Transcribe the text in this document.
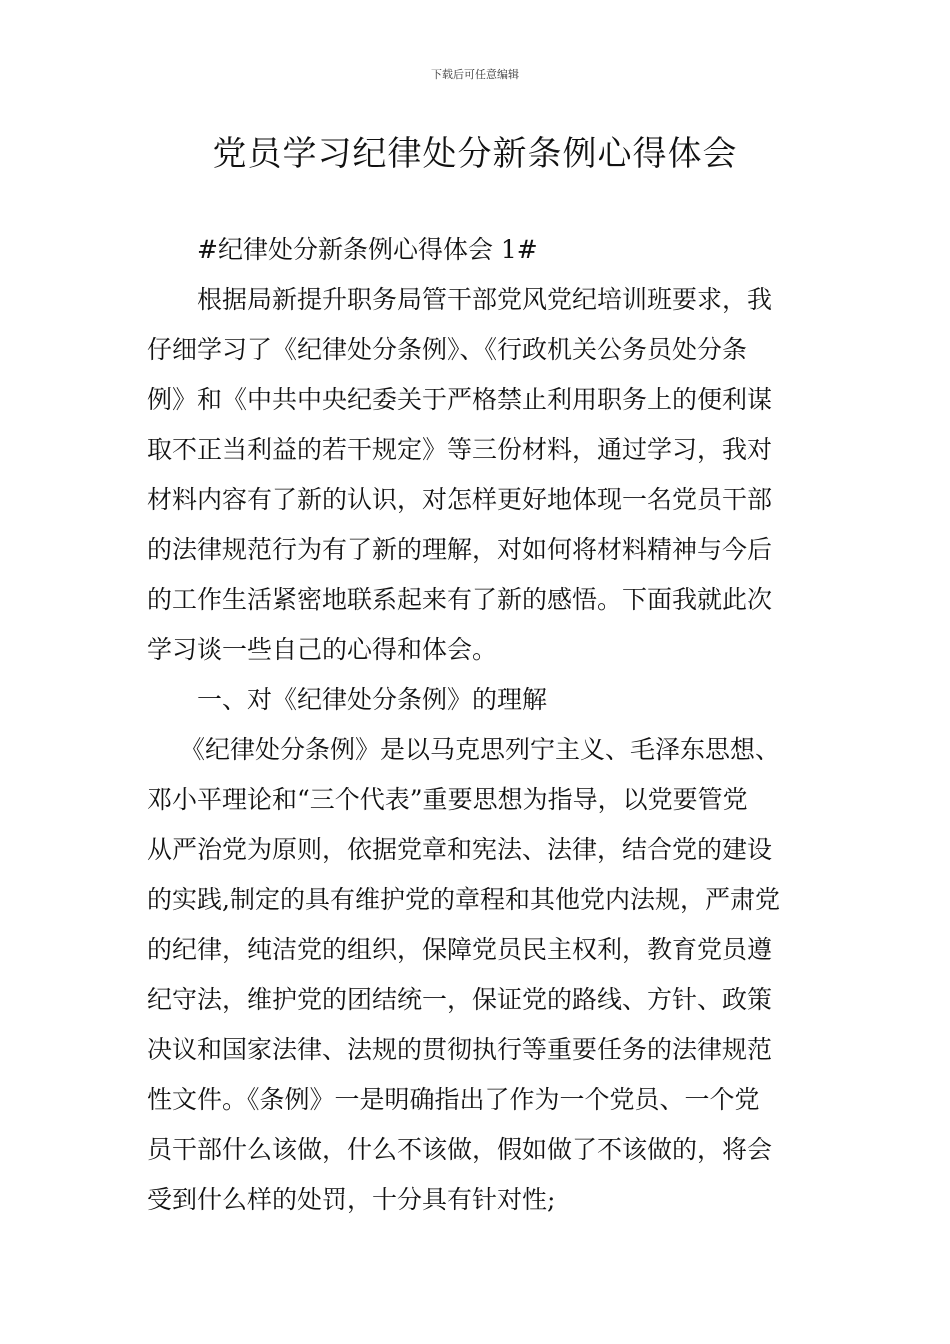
下载后可任意编辑
党员学习纪律处分新条例心得体会
#纪律处分新条例心得体会 1#
根据局新提升职务局管干部党风党纪培训班要求，我
仔细学习了《纪律处分条例》、《行政机关公务员处分条
例》和《中共中央纪委关于严格禁止利用职务上的便利谋
取不正当利益的若干规定》等三份材料，通过学习，我对
材料内容有了新的认识，对怎样更好地体现一名党员干部
的法律规范行为有了新的理解，对如何将材料精神与今后
的工作生活紧密地联系起来有了新的感悟。下面我就此次
学习谈一些自己的心得和体会。
一、对《纪律处分条例》的理解
《纪律处分条例》是以马克思列宁主义、毛泽东思想、
邓小平理论和“三个代表”重要思想为指导，以党要管党
从严治党为原则，依据党章和宪法、法律，结合党的建设
的实践,制定的具有维护党的章程和其他党内法规，严肃党
的纪律，纯洁党的组织，保障党员民主权利，教育党员遵
纪守法，维护党的团结统一，保证党的路线、方针、政策
决议和国家法律、法规的贯彻执行等重要任务的法律规范
性文件。《条例》一是明确指出了作为一个党员、一个党
员干部什么该做，什么不该做，假如做了不该做的，将会
受到什么样的处罚，十分具有针对性;
